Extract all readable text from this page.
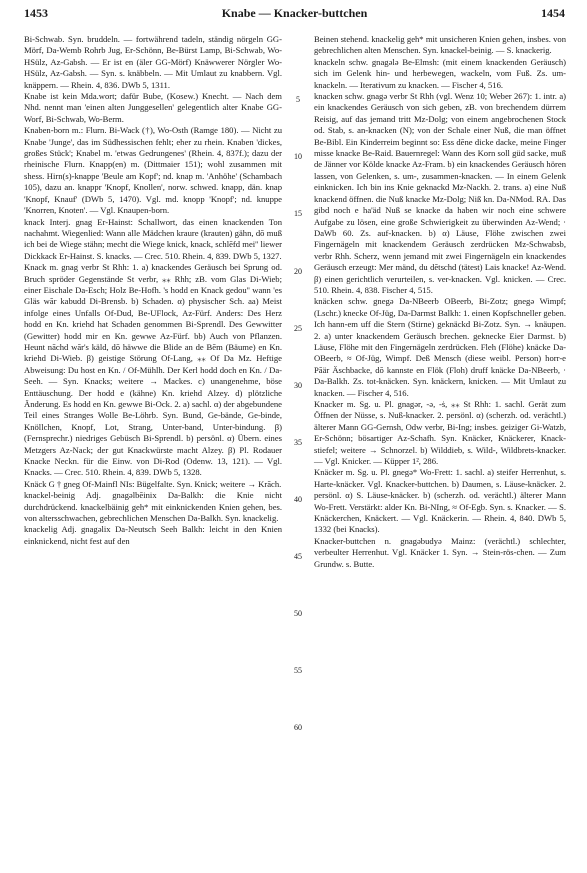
1453	Knabe — Knacker-buttchen	1454

Bi-Schwab. Syn. bruddeln. — fortwährend tadeln, ständig nörgeln GG-Mörf, Da-Wemb Rohrb Jug, Er-Schönn, Be-Bürst Lamp, Bi-Schwab, Wo-HSülz, Az-Gabsh. — Er ist en (äler GG-Mörf) Knäwwerer Nörgler Wo-HSülz, Az-Gabsh. — Syn. s. knäbbeln. — Mit Umlaut zu knabbern. Vgl. knäppern. — Rhein. 4, 836. DWb 5, 1311.

Knabe ist kein Mda.wort; dafür Bube, (Kosew.) Knecht. — Nach dem Nhd. nennt man 'einen alten Junggesellen' gelegentlich alter Knabe GG-Worf, Bi-Schwab, Wo-Berm.

Knaben-born m.: Flurn. Bi-Wack (†), Wo-Osth (Ramge 180). — Nicht zu Knabe 'Junge', das im Südhessischen fehlt; eher zu rhein. Knaben 'dickes, großes Stück'; Knabel m. 'etwas Gedrungenes' (Rhein. 4, 837f.); dazu der rheinische Flurn. Knapp(en) m. (Dittmaier 151); wohl zusammen mit shess. Hirn(s)-knappe 'Beule am Kopf'; nd. knap m. 'Anhöhe' (Schambach 105), dazu an. knappr 'Knopf, Knollen', norw. schwed. knapp, dän. knap 'Knopf, Knauf' (DWb 5, 1470). Vgl. md. knopp 'Knopf'; nd. knuppe 'Knorren, Knoten'. — Vgl. Knaupen-born.

knack Interj. gnag Er-Hainst: Schallwort, das einen knackenden Ton nachahmt. Wiegenlied: Wann alle Mädchen kraure (krauten) gähn, dō muß ich bei de Wiege stähn; mecht die Wiege knick, knack, schlēfd mei'' liewer Dickkack Er-Hainst. S. knacks. — Crec. 510. Rhein. 4, 839. DWb 5, 1327.

Knack m. gnag verbr St Rhh: 1. a) knackendes Geräusch bei Sprung od. Bruch spröder Gegenstände St verbr, ⁎⁎ Rhh; zB. vom Glas Di-Wieb; einer Eischale Da-Esch; Holz Be-Hofh. 's hodd en Knack gedou'' wann 'es Gläs wār kabudd Di-Brensb. b) Schaden. α) physischer Sch. aa) Meist infolge eines Unfalls Of-Dud, Be-UFlock, Az-Fürf. Anders: Des Herz hodd en Kn. kriehd hat Schaden genommen Bi-Sprendl. Des Gewwitter (Gewitter) hodd mir en Kn. gewwe Az-Fürf. bb) Auch von Pflanzen. Heunt nāchd wār's käld, dō häwwe die Blide an de Bēm (Bäume) en Kn. kriehd Di-Wieb. β) geistige Störung Of-Lang, ⁎⁎ Of Da Mz. Heftige Abweisung: Du host en Kn. / Of-Mühlh. Der Kerl hodd doch en Kn. / Da-Seeh. — Syn. Knacks; weitere → Mackes. c) unangenehme, böse Enttäuschung. Der hodd e (kähne) Kn. kriehd Alzey. d) plötzliche Änderung. Es hodd en Kn. gewwe Bi-Ock. 2. a) sachl. α) der abgebundene Teil eines Stranges Wolle Be-Löhrb. Syn. Bund, Ge-bände, Ge-binde, Knöllchen, Knopf, Lot, Strang, Unter-band, Unter-bindung. β) (Fernsprechr.) niedriges Gebüsch Bi-Sprendl. b) persönl. α) Übern. eines Metzgers Az-Nack; der gut Knackwürste macht Alzey. β) Pl. Rodauer Knacke Neckn. für die Einw. von Di-Rod (Odenw. 13, 121). — Vgl. Knacks. — Crec. 510. Rhein. 4, 839. DWb 5, 1328.

Knäck G † gneg Of-Mainfl NIs: Bügelfalte. Syn. Knick; weitere → Krāch.

knackel-beinig Adj. gnagəlbēinix Da-Balkh: die Knie nicht durchdrückend. knackelbäinig geh* mit einknickenden Knien gehen, bes. von altersschwachen, gebrechlichen Menschen Da-Balkh. Syn. knackelig.

knackelig Adj. gnagəlix Da-Neutsch Seeh Balkh: leicht in den Knien einknickend, nicht fest auf den

5
10
15
20
25
30
35
40
45
50
55
60

Beinen stehend. knackelig geh* mit unsicheren Knien gehen, insbes. von gebrechlichen alten Menschen. Syn. knackel-beinig. — S. knackerig.

knackeln schw. gnagələ Be-Elmsh: (mit einem knackenden Geräusch) sich im Gelenk hin- und herbewegen, wackeln, vom Fuß. Zs. um-knackeln. — Iterativum zu knacken. — Fischer 4, 516.

knacken schw. gnagə verbr St Rhh (vgl. Wenz 10; Weber 267): 1. intr. a) ein knackendes Geräusch von sich geben, zB. von brechendem dürrem Reisig, auf das jemand tritt Mz-Dolg; von einem angebrochenen Stock od. Stab, s. an-knacken (N); von der Schale einer Nuß, die man öffnet Be-Bibl. Ein Kinderreim beginnt so: Ess dēne dicke dacke, meine Finger misse knacke Be-Raid. Bauernregel: Wann des Korn soll güd sacke, muß de Jänner vor Kölde knacke Az-Fram. b) ein knackendes Geräusch hören lassen, von Gelenken, s. um-, zusammen-knacken. — In einem Gelenk einknicken. Ich bin ins Knie geknackd Mz-Nackh. 2. trans. a) eine Nuß knackend öffnen. die Nuß knacke Mz-Dolg; Niß kn. Da-NMod. RA. Das gibd noch e ha'äd Nuß se knacke da haben wir noch eine schwere Aufgabe zu lösen, eine große Schwierigkeit zu überwinden Az-Wend; · DaWb 60. Zs. auf-knacken. b) α) Läuse, Flöhe zwischen zwei Fingernägeln mit knackendem Geräusch zerdrücken Mz-Schwabsb, verbr Rhh. Scherz, wenn jemand mit zwei Fingernägeln ein knackendes Geräusch erzeugt: Mer mänd, du dētschd (tätest) Lais knacke! Az-Wend. β) einen gerichtlich verurteilen, s. ver-knacken. Vgl. knicken. — Crec. 510. Rhein. 4, 838. Fischer 4, 515.

knäcken schw. gnegə Da-NBeerb OBeerb, Bi-Zotz; gnegə Wimpf; (Lschr.) knecke Of-Jüg, Da-Darmst Balkh: 1. einen Kopfschneller geben. Ich hann-em uff die Stern (Stirne) geknäckd Bi-Zotz. Syn. → knäupen. 2. a) unter knackendem Geräusch brechen. geknecke Eier Darmst. b) Läuse, Flöhe mit den Fingernägeln zerdrücken. Fleh (Flöhe) knäcke Da-OBeerb, ≈ Of-Jüg, Wimpf. Deß Mensch (diese weibl. Person) horr-e Pāär Äschbacke, dō kannste en Flök (Floh) druff knäcke Da-NBeerb, · Da-Balkh. Zs. tot-knäcken. Syn. knäckern, knicken. — Mit Umlaut zu knacken. — Fischer 4, 516.

Knacker m. Sg. u. Pl. gnagər, -ə, -ṡ, ⁎⁎ St Rhh: 1. sachl. Gerät zum Öffnen der Nüsse, s. Nuß-knacker. 2. persönl. α) (scherzh. od. verächtl.) älterer Mann GG-Gernsh, Odw verbr, Bi-Ing; insbes. geiziger Gi-Watzb, Er-Schönn; bösartiger Az-Schafh. Syn. Knäcker, Knäckerer, Knack-stiefel; weitere → Schnorzel. b) Wilddieb, s. Wild-, Wildbrets-knacker. — Vgl. Knicker. — Küpper 1², 286.

Knäcker m. Sg. u. Pl. gnegə* Wo-Frett: 1. sachl. a) steifer Herrenhut, s. Harte-knäcker. Vgl. Knacker-buttchen. b) Daumen, s. Läuse-knäcker. 2. persönl. α) S. Läuse-knäcker. b) (scherzh. od. verächtl.) älterer Mann Wo-Frett. Verstärkt: alder Kn. Bi-NIng, ≈ Of-Egb. Syn. s. Knacker. — S. Knäckerchen, Knäckert. — Vgl. Knäckerin. — Rhein. 4, 840. DWb 5, 1332 (bei Knacks).

Knacker-buttchen n. gnagəbudyə Mainz: (verächtl.) schlechter, verbeulter Herrenhut. Vgl. Knäcker 1. Syn. → Stein-rös-chen. — Zum Grundw. s. Butte.
